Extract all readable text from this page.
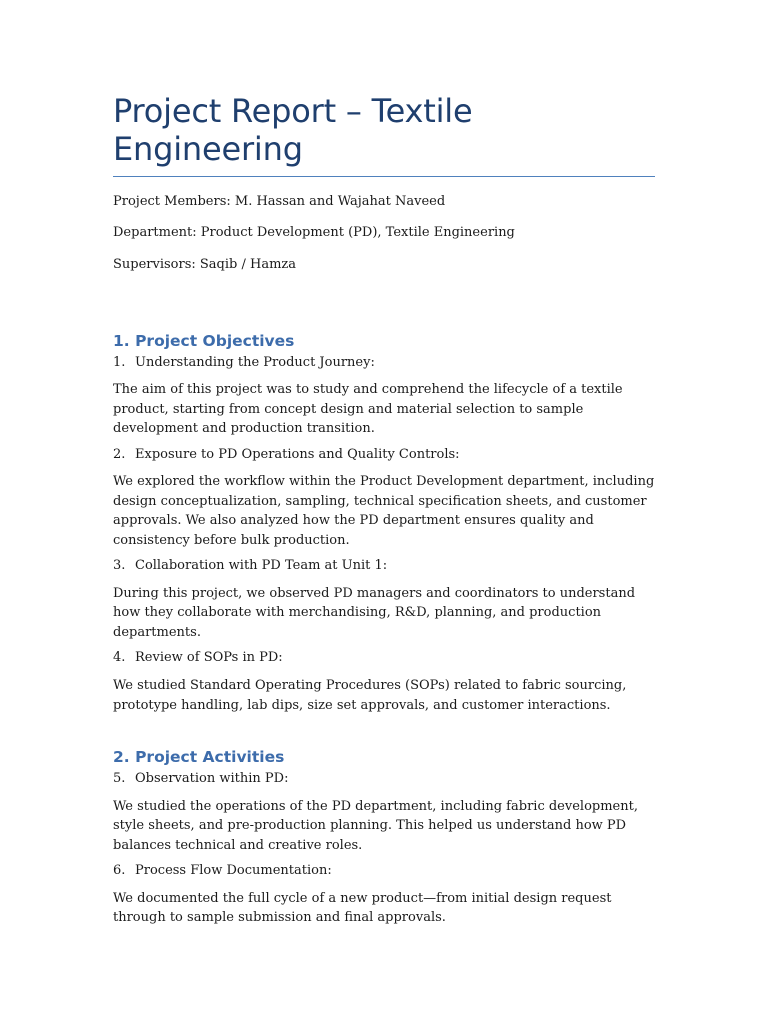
Project Report – Textile Engineering

Project Members: M. Hassan and Wajahat Naveed

Department: Product Development (PD), Textile Engineering

Supervisors: Saqib / Hamza

1. Project Objectives
1. Understanding the Product Journey:

The aim of this project was to study and comprehend the lifecycle of a textile product, starting from concept design and material selection to sample development and production transition.

2. Exposure to PD Operations and Quality Controls:

We explored the workflow within the Product Development department, including design conceptualization, sampling, technical specification sheets, and customer approvals. We also analyzed how the PD department ensures quality and consistency before bulk production.

3. Collaboration with PD Team at Unit 1:

During this project, we observed PD managers and coordinators to understand how they collaborate with merchandising, R&D, planning, and production departments.

4. Review of SOPs in PD:

We studied Standard Operating Procedures (SOPs) related to fabric sourcing, prototype handling, lab dips, size set approvals, and customer interactions.

2. Project Activities
5. Observation within PD:

We studied the operations of the PD department, including fabric development, style sheets, and pre-production planning. This helped us understand how PD balances technical and creative roles.

6. Process Flow Documentation:

We documented the full cycle of a new product—from initial design request through to sample submission and final approvals.
